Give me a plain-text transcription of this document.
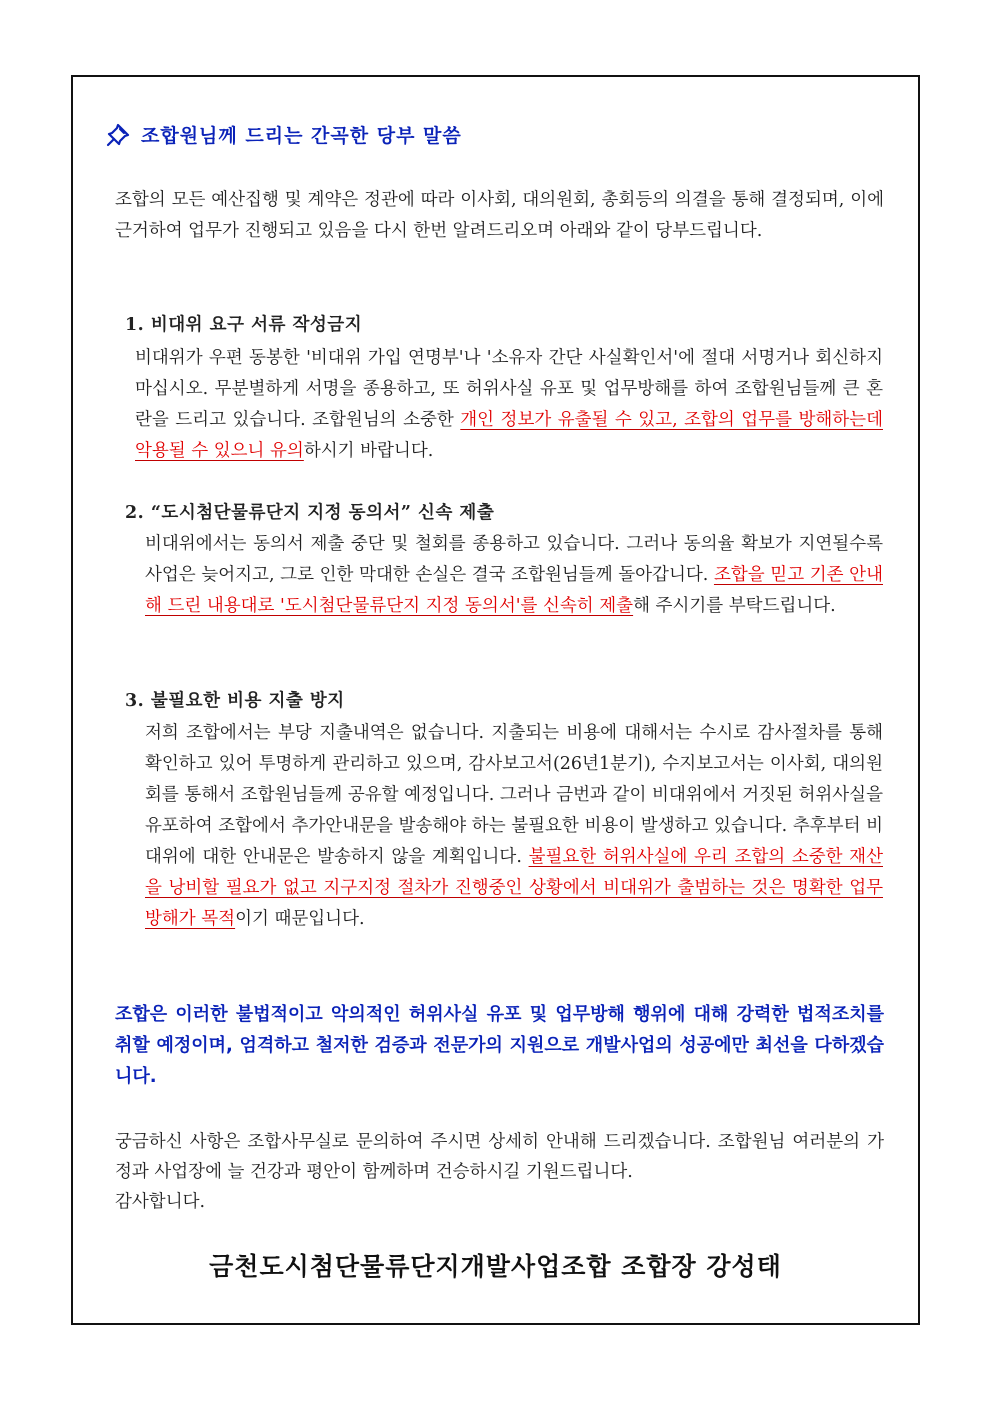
조합원님께 드리는 간곡한 당부 말씀
조합의 모든 예산집행 및 계약은 정관에 따라 이사회, 대의원회, 총회등의 의결을 통해 결정되며, 이에 근거하여 업무가 진행되고 있음을 다시 한번 알려드리오며 아래와 같이 당부드립니다.
1. 비대위 요구 서류 작성금지
비대위가 우편 동봉한 '비대위 가입 연명부'나 '소유자 간단 사실확인서'에 절대 서명거나 회신하지 마십시오. 무분별하게 서명을 종용하고, 또 허위사실 유포 및 업무방해를 하여 조합원님들께 큰 혼란을 드리고 있습니다. 조합원님의 소중한 개인 정보가 유출될 수 있고, 조합의 업무를 방해하는데 악용될 수 있으니 유의하시기 바랍니다.
2. “도시첨단물류단지 지정 동의서” 신속 제출
비대위에서는 동의서 제출 중단 및 철회를 종용하고 있습니다. 그러나 동의율 확보가 지연될수록 사업은 늦어지고, 그로 인한 막대한 손실은 결국 조합원님들께 돌아갑니다. 조합을 믿고 기존 안내해 드린 내용대로 '도시첨단물류단지 지정 동의서'를 신속히 제출해 주시기를 부탁드립니다.
3. 불필요한 비용 지출 방지
저희 조합에서는 부당 지출내역은 없습니다. 지출되는 비용에 대해서는 수시로 감사절차를 통해 확인하고 있어 투명하게 관리하고 있으며, 감사보고서(26년1분기), 수지보고서는 이사회, 대의원회를 통해서 조합원님들께 공유할 예정입니다. 그러나 금번과 같이 비대위에서 거짓된 허위사실을 유포하여 조합에서 추가안내문을 발송해야 하는 불필요한 비용이 발생하고 있습니다. 추후부터 비대위에 대한 안내문은 발송하지 않을 계획입니다. 불필요한 허위사실에 우리 조합의 소중한 재산을 낭비할 필요가 없고 지구지정 절차가 진행중인 상황에서 비대위가 출범하는 것은 명확한 업무방해가 목적이기 때문입니다.
조합은 이러한 불법적이고 악의적인 허위사실 유포 및 업무방해 행위에 대해 강력한 법적조치를 취할 예정이며, 엄격하고 철저한 검증과 전문가의 지원으로 개발사업의 성공에만 최선을 다하겠습니다.
궁금하신 사항은 조합사무실로 문의하여 주시면 상세히 안내해 드리겠습니다. 조합원님 여러분의 가정과 사업장에 늘 건강과 평안이 함께하며 건승하시길 기원드립니다.
감사합니다.
금천도시첨단물류단지개발사업조합 조합장 강성태
